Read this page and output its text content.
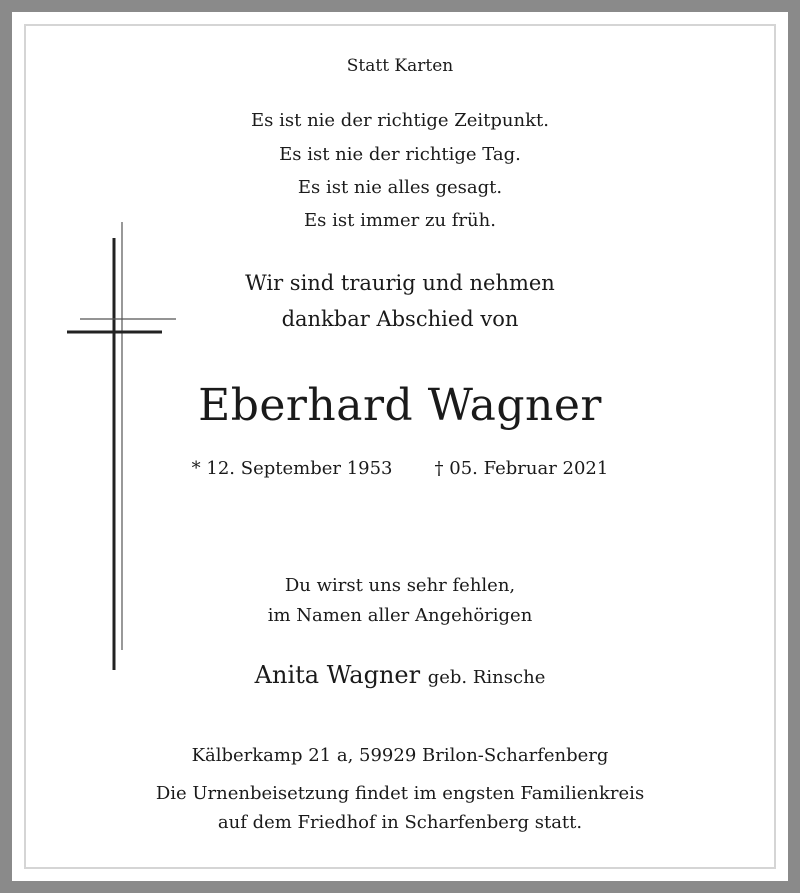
Statt Karten
Es ist nie der richtige Zeitpunkt.
Es ist nie der richtige Tag.
Es ist nie alles gesagt.
Es ist immer zu früh.
Wir sind traurig und nehmen
dankbar Abschied von
Eberhard Wagner
* 12. September 1953 † 05. Februar 2021
Du wirst uns sehr fehlen,
im Namen aller Angehörigen
Anita Wagner geb. Rinsche
Kälberkamp 21 a, 59929 Brilon-Scharfenberg
Die Urnenbeisetzung findet im engsten Familienkreis
auf dem Friedhof in Scharfenberg statt.
